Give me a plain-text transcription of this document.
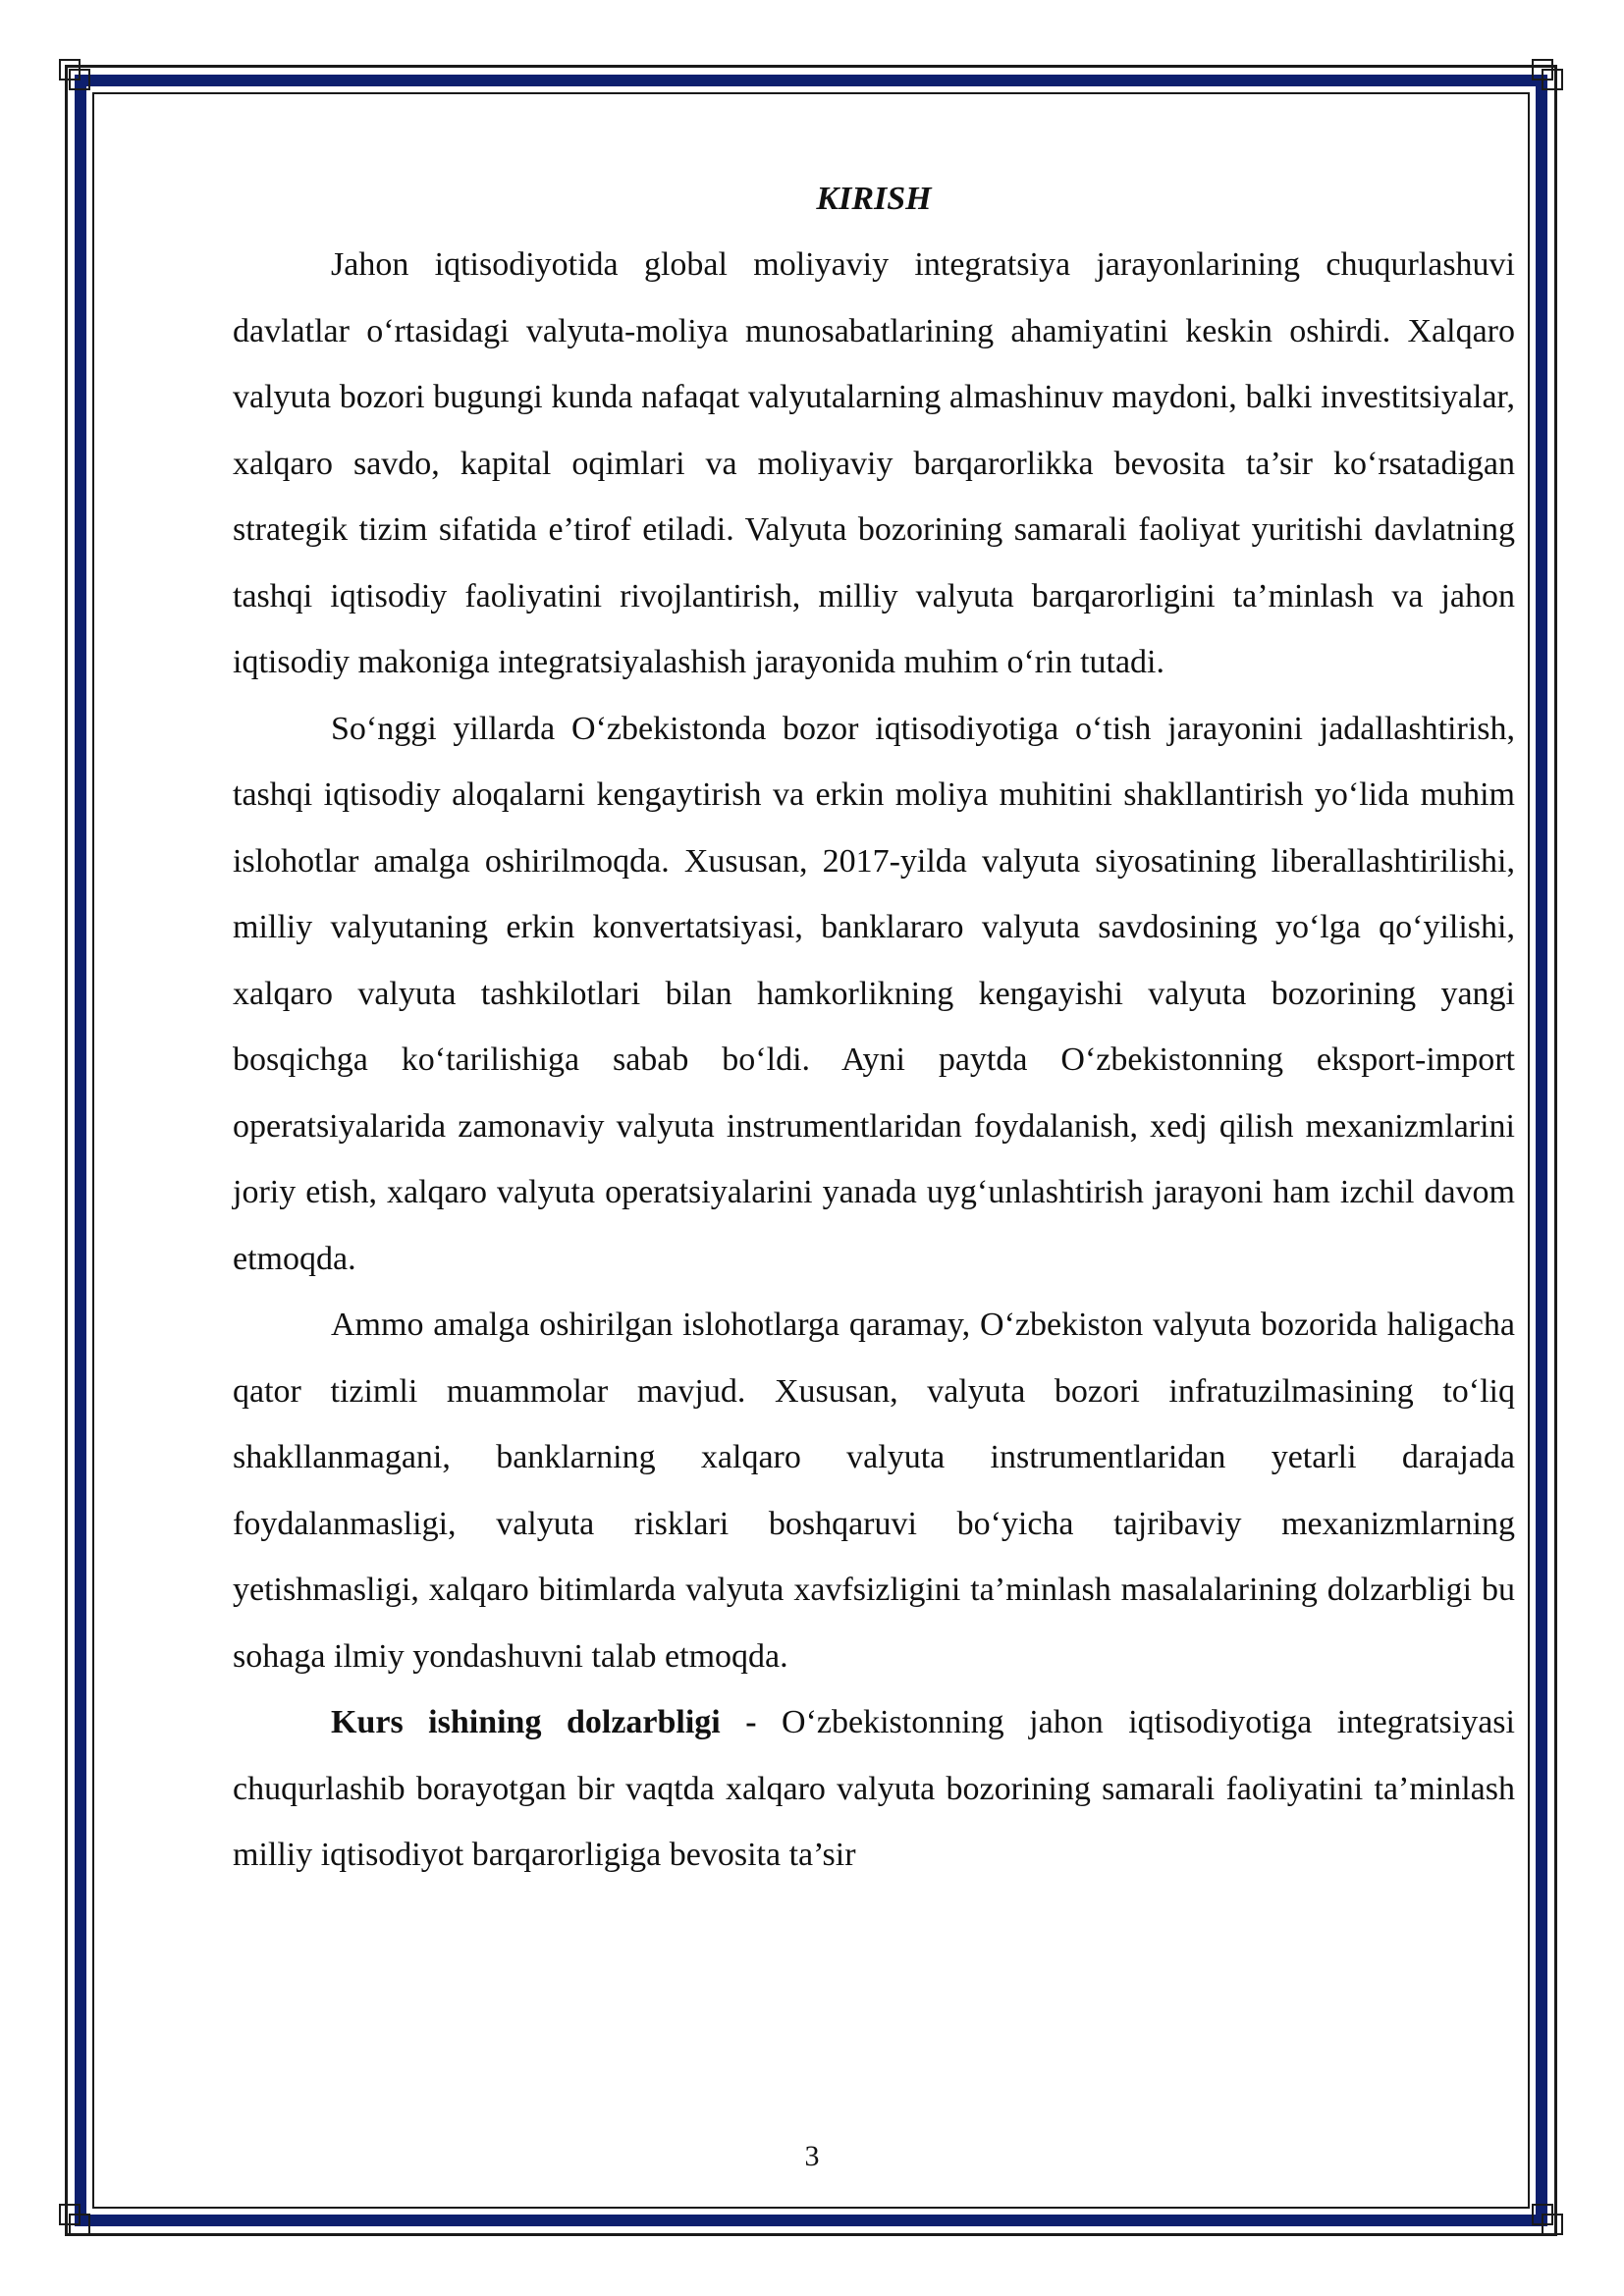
KIRISH

Jahon iqtisodiyotida global moliyaviy integratsiya jarayonlarining chuqurlashuvi davlatlar o‘rtasidagi valyuta-moliya munosabatlarining ahamiyatini keskin oshirdi. Xalqaro valyuta bozori bugungi kunda nafaqat valyutalarning almashinuv maydoni, balki investitsiyalar, xalqaro savdo, kapital oqimlari va moliyaviy barqarorlikka bevosita ta’sir ko‘rsatadigan strategik tizim sifatida e’tirof etiladi. Valyuta bozorining samarali faoliyat yuritishi davlatning tashqi iqtisodiy faoliyatini rivojlantirish, milliy valyuta barqarorligini ta’minlash va jahon iqtisodiy makoniga integratsiyalashish jarayonida muhim o‘rin tutadi.

So‘nggi yillarda O‘zbekistonda bozor iqtisodiyotiga o‘tish jarayonini jadallashtirish, tashqi iqtisodiy aloqalarni kengaytirish va erkin moliya muhitini shakllantirish yo‘lida muhim islohotlar amalga oshirilmoqda. Xususan, 2017-yilda valyuta siyosatining liberallashtirilishi, milliy valyutaning erkin konvertatsiyasi, banklararo valyuta savdosining yo‘lga qo‘yilishi, xalqaro valyuta tashkilotlari bilan hamkorlikning kengayishi valyuta bozorining yangi bosqichga ko‘tarilishiga sabab bo‘ldi. Ayni paytda O‘zbekistonning eksport-import operatsiyalarida zamonaviy valyuta instrumentlaridan foydalanish, xedj qilish mexanizmlarini joriy etish, xalqaro valyuta operatsiyalarini yanada uyg‘unlashtirish jarayoni ham izchil davom etmoqda.

Ammo amalga oshirilgan islohotlarga qaramay, O‘zbekiston valyuta bozorida haligacha qator tizimli muammolar mavjud. Xususan, valyuta bozori infratuzilmasining to‘liq shakllanmagani, banklarning xalqaro valyuta instrumentlaridan yetarli darajada foydalanmasligi, valyuta risklari boshqaruvi bo‘yicha tajribaviy mexanizmlarning yetishmasligi, xalqaro bitimlarda valyuta xavfsizligini ta’minlash masalalarining dolzarbligi bu sohaga ilmiy yondashuvni talab etmoqda.

Kurs ishining dolzarbligi - O‘zbekistonning jahon iqtisodiyotiga integratsiyasi chuqurlashib borayotgan bir vaqtda xalqaro valyuta bozorining samarali faoliyatini ta’minlash milliy iqtisodiyot barqarorligiga bevosita ta’sir

3
